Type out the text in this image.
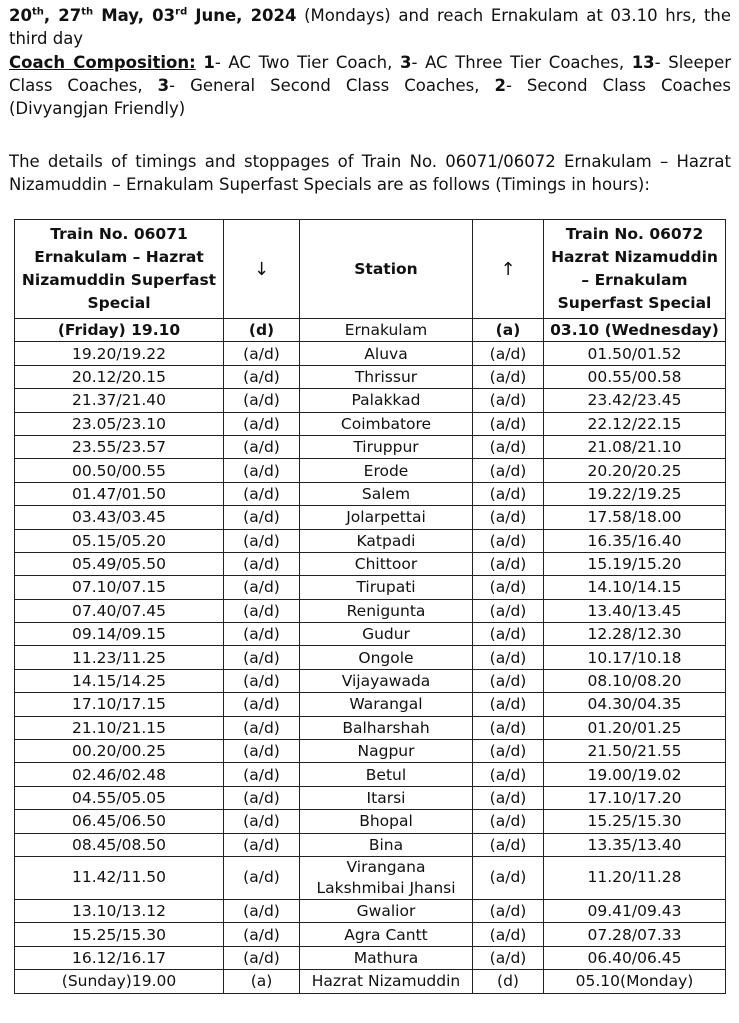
20th, 27th May, 03rd June, 2024 (Mondays) and reach Ernakulam at 03.10 hrs, the third day

Coach Composition: 1- AC Two Tier Coach, 3- AC Three Tier Coaches, 13- Sleeper Class Coaches, 3- General Second Class Coaches, 2- Second Class Coaches (Divyangjan Friendly)

The details of timings and stoppages of Train No. 06071/06072 Ernakulam – Hazrat Nizamuddin – Ernakulam Superfast Specials are as follows (Timings in hours):
Train No. 06071 Ernakulam – Hazrat Nizamuddin Superfast Special	↓	Station	↑	Train No. 06072 Hazrat Nizamuddin – Ernakulam Superfast Special
(Friday) 19.10	(d)	Ernakulam	(a)	03.10 (Wednesday)
19.20/19.22	(a/d)	Aluva	(a/d)	01.50/01.52
20.12/20.15	(a/d)	Thrissur	(a/d)	00.55/00.58
21.37/21.40	(a/d)	Palakkad	(a/d)	23.42/23.45
23.05/23.10	(a/d)	Coimbatore	(a/d)	22.12/22.15
23.55/23.57	(a/d)	Tiruppur	(a/d)	21.08/21.10
00.50/00.55	(a/d)	Erode	(a/d)	20.20/20.25
01.47/01.50	(a/d)	Salem	(a/d)	19.22/19.25
03.43/03.45	(a/d)	Jolarpettai	(a/d)	17.58/18.00
05.15/05.20	(a/d)	Katpadi	(a/d)	16.35/16.40
05.49/05.50	(a/d)	Chittoor	(a/d)	15.19/15.20
07.10/07.15	(a/d)	Tirupati	(a/d)	14.10/14.15
07.40/07.45	(a/d)	Renigunta	(a/d)	13.40/13.45
09.14/09.15	(a/d)	Gudur	(a/d)	12.28/12.30
11.23/11.25	(a/d)	Ongole	(a/d)	10.17/10.18
14.15/14.25	(a/d)	Vijayawada	(a/d)	08.10/08.20
17.10/17.15	(a/d)	Warangal	(a/d)	04.30/04.35
21.10/21.15	(a/d)	Balharshah	(a/d)	01.20/01.25
00.20/00.25	(a/d)	Nagpur	(a/d)	21.50/21.55
02.46/02.48	(a/d)	Betul	(a/d)	19.00/19.02
04.55/05.05	(a/d)	Itarsi	(a/d)	17.10/17.20
06.45/06.50	(a/d)	Bhopal	(a/d)	15.25/15.30
08.45/08.50	(a/d)	Bina	(a/d)	13.35/13.40
11.42/11.50	(a/d)	Virangana Lakshmibai Jhansi	(a/d)	11.20/11.28
13.10/13.12	(a/d)	Gwalior	(a/d)	09.41/09.43
15.25/15.30	(a/d)	Agra Cantt	(a/d)	07.28/07.33
16.12/16.17	(a/d)	Mathura	(a/d)	06.40/06.45
(Sunday)19.00	(a)	Hazrat Nizamuddin	(d)	05.10(Monday)
